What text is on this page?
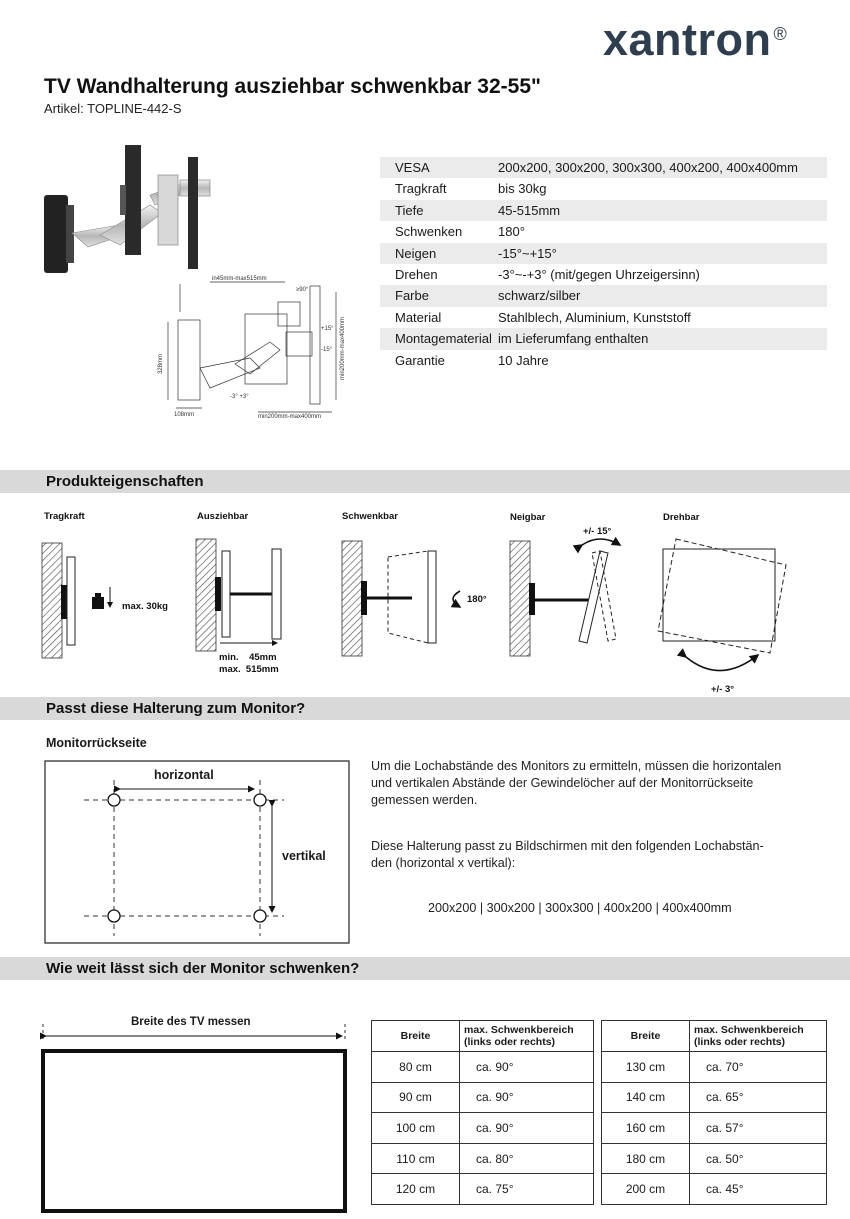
xantron ®
TV Wandhalterung ausziehbar schwenkbar 32-55"
Artikel: TOPLINE-442-S
in45mm-max515mm
≥90°
328mm
108mm	min200mm-max400mm
min200mm-max400mm
+15°
-15°
-3° +3°
VESA	200x200, 300x200, 300x300, 400x200, 400x400mm
Tragkraft	bis 30kg
Tiefe	45-515mm
Schwenken	180°
Neigen	-15°~+15°
Drehen	-3°~-+3° (mit/gegen Uhrzeigersinn)
Farbe	schwarz/silber
Material	Stahlblech, Aluminium, Kunststoff
Montagematerial im Lieferumfang enthalten
Garantie	10 Jahre
Produkteigenschaften
Tragkraft	Ausziehbar	Schwenkbar	Neigbar	Drehbar
max. 30kg
min.    45mm
max.  515mm
180°
+/- 15°
+/- 3°
Passt diese Halterung zum Monitor?
Monitorrückseite
horizontal
vertikal
Um die Lochabstände des Monitors zu ermitteln, müssen die horizontalen
und vertikalen Abstände der Gewindelöcher auf der Monitorrückseite
gemessen werden.
Diese Halterung passt zu Bildschirmen mit den folgenden Lochabstän-
den (horizontal x vertikal):
200x200 | 300x200 | 300x300 | 400x200 | 400x400mm
Wie weit lässt sich der Monitor schwenken?
Breite des TV messen
Breite	max. Schwenkbereich
(links oder rechts)

80 cm	ca. 90°
90 cm	ca. 90°
100 cm	ca. 90°
110 cm	ca. 80°
120 cm	ca. 75°
Breite	max. Schwenkbereich
(links oder rechts)

130 cm	ca. 70°
140 cm	ca. 65°
160 cm	ca. 57°
180 cm	ca. 50°
200 cm	ca. 45°
